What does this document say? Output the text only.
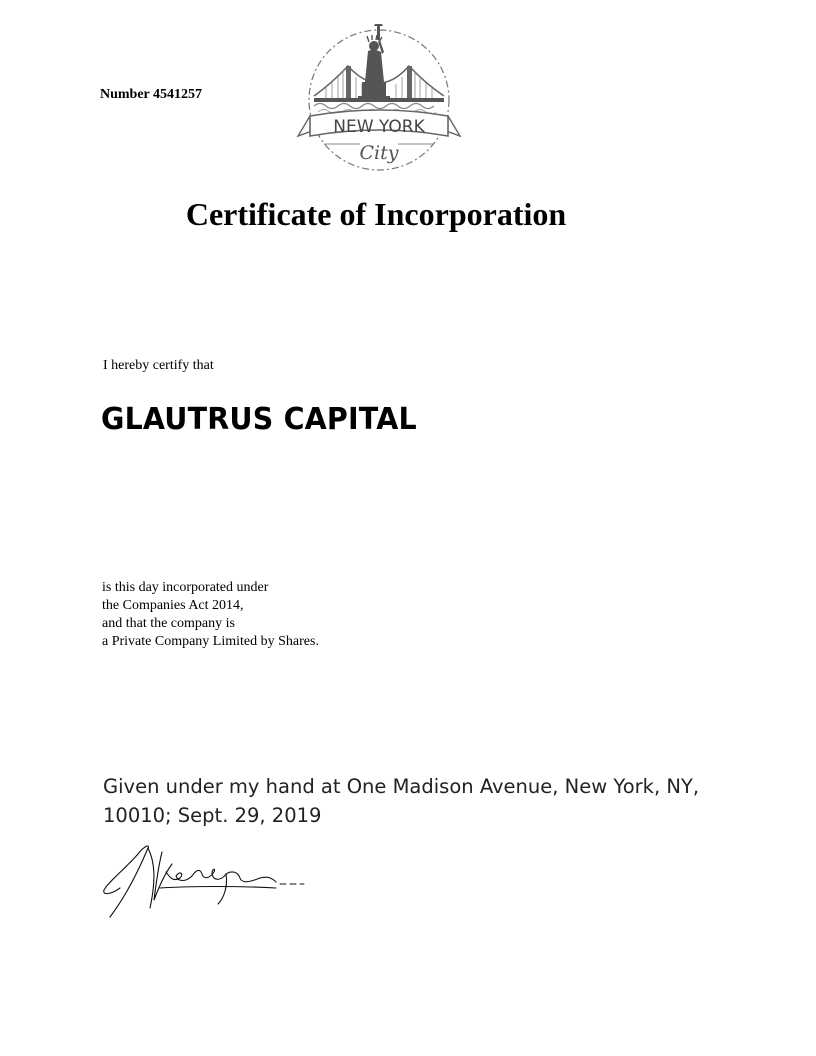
Number 4541257
NEW YORK
City
Certificate of Incorporation
I hereby certify that
GLAUTRUS CAPITAL
is this day incorporated under
the Companies Act 2014,
and that the company is
a Private Company Limited by Shares.
Given under my hand at One Madison Avenue, New York, NY,
10010; Sept. 29, 2019
